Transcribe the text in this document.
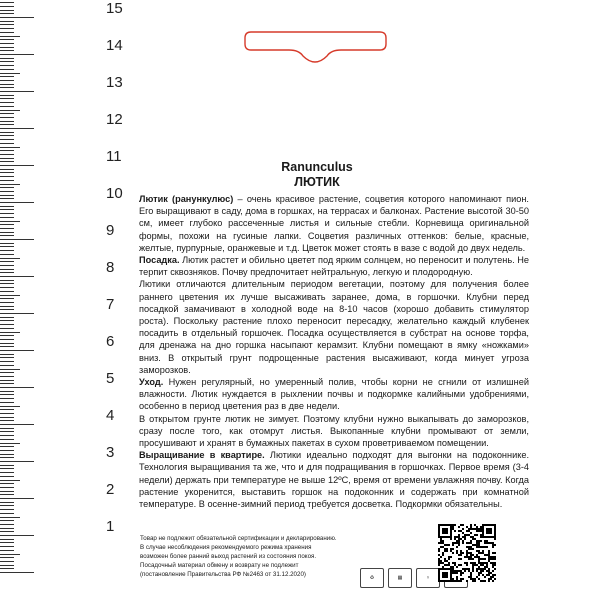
Ranunculus
ЛЮТИК

Лютик (ранункулюс) – очень красивое растение, соцветия которого напоминают пион. Его выращивают в саду, дома в горшках, на террасах и балконах. Растение высотой 30-50 см, имеет глубоко рассеченные листья и сильные стебли. Корневища оригинальной формы, похожи на гусиные лапки. Соцветия различных оттенков: белые, красные, желтые, пурпурные, оранжевые и т.д. Цветок может стоять в вазе с водой до двух недель.

Посадка. Лютик растет и обильно цветет под ярким солнцем, но переносит и полутень. Не терпит сквозняков. Почву предпочитает нейтральную, легкую и плодородную.

Лютики отличаются длительным периодом вегетации, поэтому для получения более раннего цветения их лучше высаживать заранее, дома, в горшочки. Клубни перед посадкой замачивают в холодной воде на 8-10 часов (хорошо добавить стимулятор роста). Поскольку растение плохо переносит пересадку, желательно каждый клубенек посадить в отдельный горшочек. Посадка осуществляется в субстрат на основе торфа, для дренажа на дно горшка насыпают керамзит. Клубни помещают в ямку «ножками» вниз. В открытый грунт подрощенные растения высаживают, когда минует угроза заморозков.

Уход. Нужен регулярный, но умеренный полив, чтобы корни не сгнили от излишней влажности. Лютик нуждается в рыхлении почвы и подкормке калийными удобрениями, особенно в период цветения раз в две недели.

В открытом грунте лютик не зимует. Поэтому клубни нужно выкапывать до заморозков, сразу после того, как отомрут листья. Выкопанные клубни промывают от земли, просушивают и хранят в бумажных пакетах в сухом проветриваемом помещении.

Выращивание в квартире. Лютики идеально подходят для выгонки на подоконнике. Технология выращивания та же, что и для подращивания в горшочках. Первое время (3-4 недели) держать при температуре не выше 12ºС, время от времени увлажняя почву. Когда растение укоренится, выставить горшок на подоконник и содержать при комнатной температуре. В осенне-зимний период требуется досветка. Подкормки обязательны.

Товар не подлежит обязательной сертификации и декларированию.

В случае несоблюдения рекомендуемого режима хранения

возможен более ранний выход растений из состояния покоя.

Посадочный материал обмену и возврату не подлежит

(постановление Правительства РФ №2463 от 31.12.2020)	♻	▦	♆
15
14
13
12
11
10
9
8
7
6
5
4
3
2
1
